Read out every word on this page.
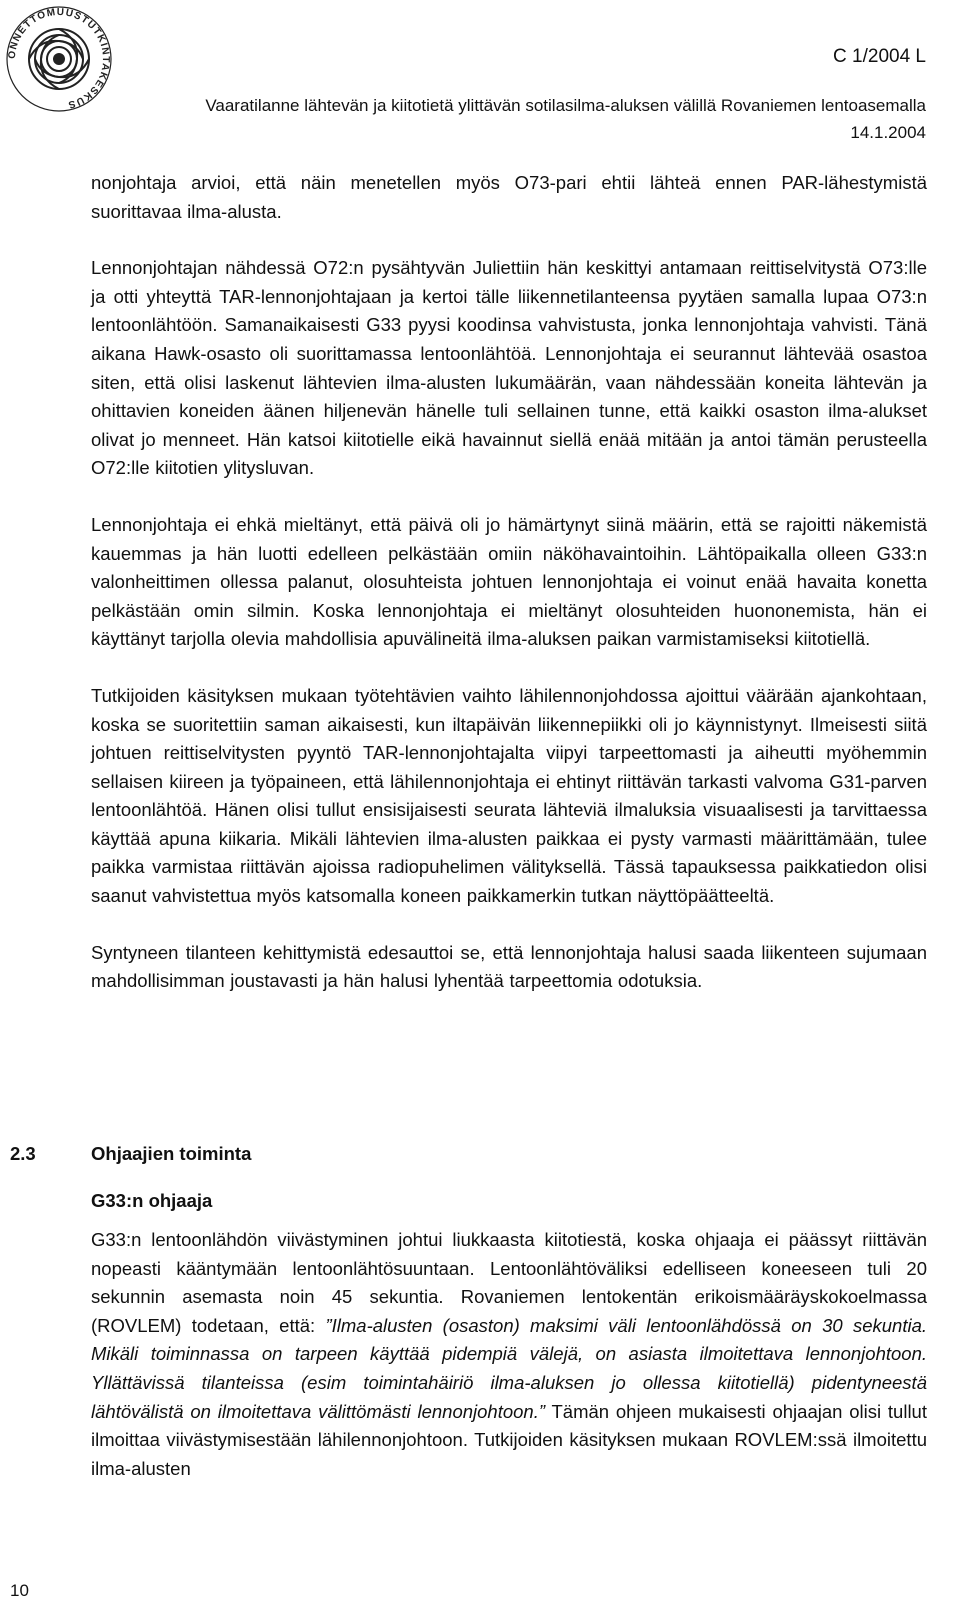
ONNETTOMUUSTUTKINTAKESKUS
C 1/2004 L
Vaaratilanne lähtevän ja kiitotietä ylittävän sotilasilma-aluksen välillä Rovaniemen lentoasemalla
14.1.2004

nonjohtaja arvioi, että näin menetellen myös O73-pari ehtii lähteä ennen PAR-lähestymistä suorittavaa ilma-alusta.

Lennonjohtajan nähdessä O72:n pysähtyvän Juliettiin hän keskittyi antamaan reittiselvitystä O73:lle ja otti yhteyttä TAR-lennonjohtajaan ja kertoi tälle liikennetilanteensa pyytäen samalla lupaa O73:n lentoonlähtöön. Samanaikaisesti G33 pyysi koodinsa vahvistusta, jonka lennonjohtaja vahvisti. Tänä aikana Hawk-osasto oli suorittamassa lentoonlähtöä. Lennonjohtaja ei seurannut lähtevää osastoa siten, että olisi laskenut lähtevien ilma-alusten lukumäärän, vaan nähdessään koneita lähtevän ja ohittavien koneiden äänen hiljenevän hänelle tuli sellainen tunne, että kaikki osaston ilma-alukset olivat jo menneet. Hän katsoi kiitotielle eikä havainnut siellä enää mitään ja antoi tämän perusteella O72:lle kiitotien ylitysluvan.

Lennonjohtaja ei ehkä mieltänyt, että päivä oli jo hämärtynyt siinä määrin, että se rajoitti näkemistä kauemmas ja hän luotti edelleen pelkästään omiin näköhavaintoihin. Lähtöpaikalla olleen G33:n valonheittimen ollessa palanut, olosuhteista johtuen lennonjohtaja ei voinut enää havaita konetta pelkästään omin silmin. Koska lennonjohtaja ei mieltänyt olosuhteiden huononemista, hän ei käyttänyt tarjolla olevia mahdollisia apuvälineitä ilma-aluksen paikan varmistamiseksi kiitotiellä.

Tutkijoiden käsityksen mukaan työtehtävien vaihto lähilennonjohdossa ajoittui väärään ajankohtaan, koska se suoritettiin saman aikaisesti, kun iltapäivän liikennepiikki oli jo käynnistynyt. Ilmeisesti siitä johtuen reittiselvitysten pyyntö TAR-lennonjohtajalta viipyi tarpeettomasti ja aiheutti myöhemmin sellaisen kiireen ja työpaineen, että lähilennonjohtaja ei ehtinyt riittävän tarkasti valvoma G31-parven lentoonlähtöä. Hänen olisi tullut ensisijaisesti seurata lähteviä ilmaluksia visuaalisesti ja tarvittaessa käyttää apuna kiikaria. Mikäli lähtevien ilma-alusten paikkaa ei pysty varmasti määrittämään, tulee paikka varmistaa riittävän ajoissa radiopuhelimen välityksellä. Tässä tapauksessa paikkatiedon olisi saanut vahvistettua myös katsomalla koneen paikkamerkin tutkan näyttöpäätteeltä.

Syntyneen tilanteen kehittymistä edesauttoi se, että lennonjohtaja halusi saada liikenteen sujumaan mahdollisimman joustavasti ja hän halusi lyhentää tarpeettomia odotuksia.

2.3	Ohjaajien toiminta
G33:n ohjaaja

G33:n lentoonlähdön viivästyminen johtui liukkaasta kiitotiestä, koska ohjaaja ei päässyt riittävän nopeasti kääntymään lentoonlähtösuuntaan. Lentoonlähtöväliksi edelliseen koneeseen tuli 20 sekunnin asemasta noin 45 sekuntia. Rovaniemen lentokentän erikoismääräyskokoelmassa (ROVLEM) todetaan, että: ”Ilma-alusten (osaston) maksimi väli lentoonlähdössä on 30 sekuntia. Mikäli toiminnassa on tarpeen käyttää pidempiä välejä, on asiasta ilmoitettava lennonjohtoon. Yllättävissä tilanteissa (esim toimintahäiriö ilma-aluksen jo ollessa kiitotiellä) pidentyneestä lähtövälistä on ilmoitettava välittömästi lennonjohtoon.” Tämän ohjeen mukaisesti ohjaajan olisi tullut ilmoittaa viivästymisestään lähilennonjohtoon. Tutkijoiden käsityksen mukaan ROVLEM:ssä ilmoitettu ilma-alusten

10
